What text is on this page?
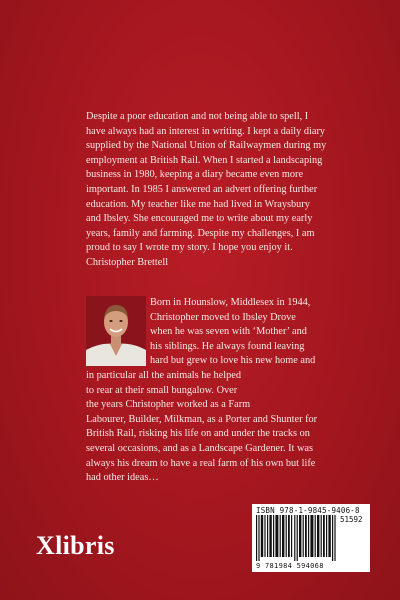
Despite a poor education and not being able to spell, I
have always had an interest in writing. I kept a daily diary
supplied by the National Union of Railwaymen during my
employment at British Rail. When I started a landscaping
business in 1980, keeping a diary became even more
important. In 1985 I answered an advert offering further
education. My teacher like me had lived in Wraysbury
and Ibsley. She encouraged me to write about my early
years, family and farming. Despite my challenges, I am
proud to say I wrote my story. I hope you enjoy it.
Christopher Brettell
Born in Hounslow, Middlesex in 1944,
Christopher moved to Ibsley Drove
when he was seven with ‘Mother’ and
his siblings. He always found leaving
hard but grew to love his new home and
in particular all the animals he helped
to rear at their small bungalow. Over
the years Christopher worked as a Farm
Labourer, Builder, Milkman, as a Porter and Shunter for
British Rail, risking his life on and under the tracks on
several occasions, and as a Landscape Gardener. It was
always his dream to have a real farm of his own but life
had other ideas…
Xlibris
ISBN 978-1-9845-9406-8
51592
9 781984 594068
